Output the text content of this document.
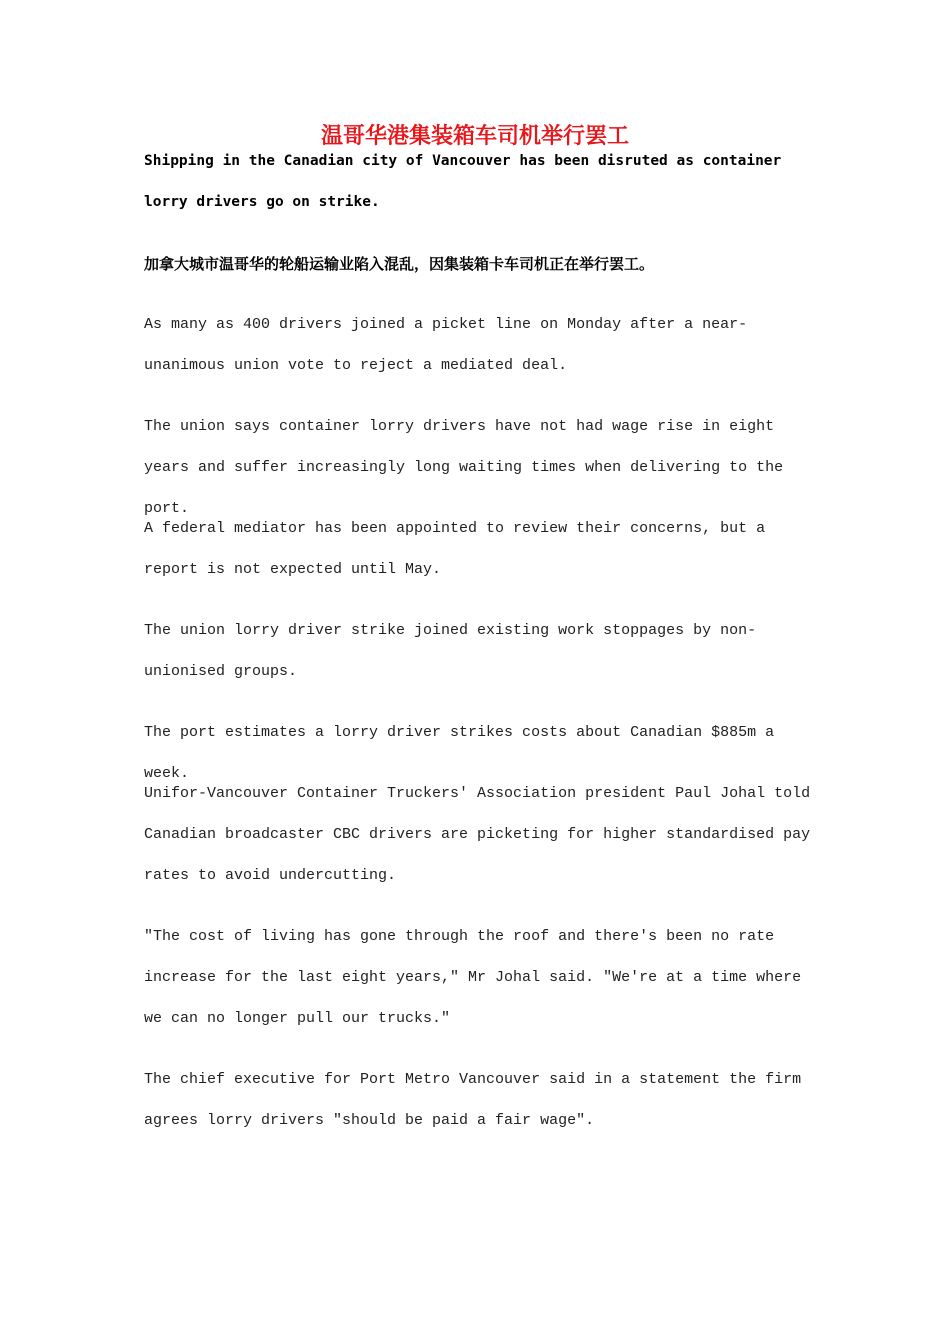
温哥华港集装箱车司机举行罢工

Shipping in the Canadian city of Vancouver has been disruted as container lorry drivers go on strike.

加拿大城市温哥华的轮船运输业陷入混乱，因集装箱卡车司机正在举行罢工。

As many as 400 drivers joined a picket line on Monday after a near-unanimous union vote to reject a mediated deal.

The union says container lorry drivers have not had wage rise in eight years and suffer increasingly long waiting times when delivering to the port.

A federal mediator has been appointed to review their concerns, but a report is not expected until May.

The union lorry driver strike joined existing work stoppages by non-unionised groups.

The port estimates a lorry driver strikes costs about Canadian $885m a week.

Unifor-Vancouver Container Truckers' Association president Paul Johal told Canadian broadcaster CBC drivers are picketing for higher standardised pay rates to avoid undercutting.

"The cost of living has gone through the roof and there's been no rate increase for the last eight years," Mr Johal said. "We're at a time where we can no longer pull our trucks."

The chief executive for Port Metro Vancouver said in a statement the firm agrees lorry drivers "should be paid a fair wage".
